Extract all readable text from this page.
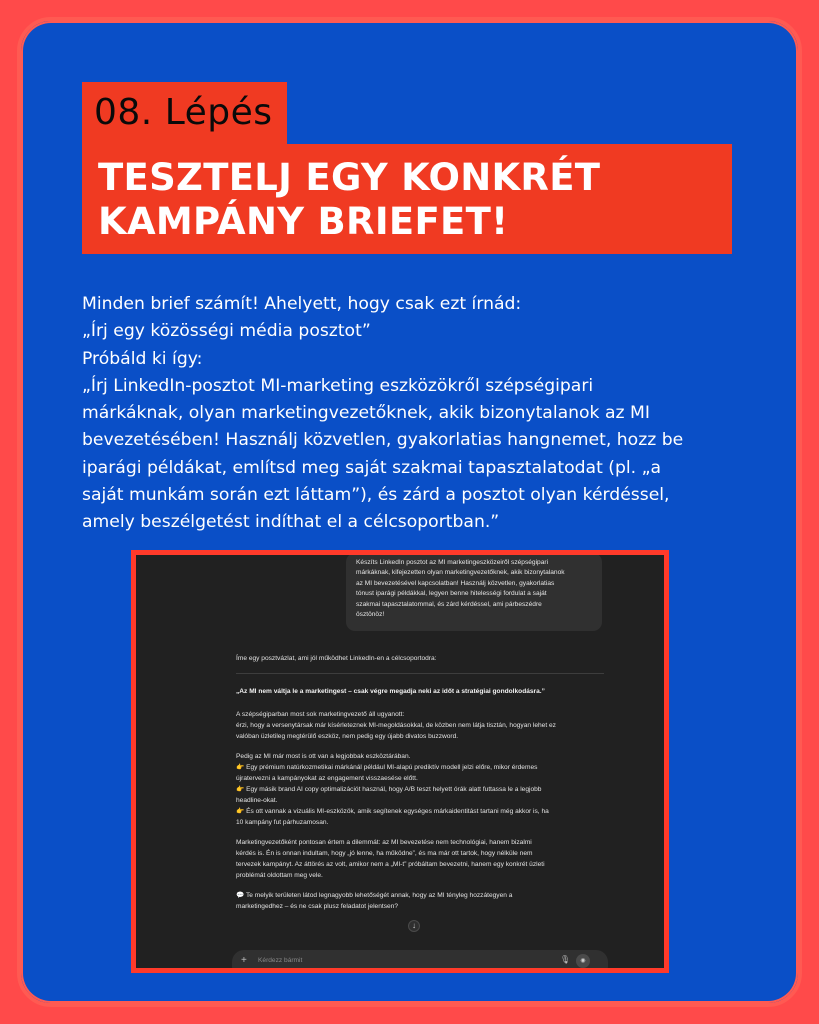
08. Lépés
TESZTELJ EGY KONKRÉT
KAMPÁNY BRIEFET!
Minden brief számít! Ahelyett, hogy csak ezt írnád:
„Írj egy közösségi média posztot”
Próbáld ki így:
„Írj LinkedIn-posztot MI-marketing eszközökről szépségipari
márkáknak, olyan marketingvezetőknek, akik bizonytalanok az MI
bevezetésében! Használj közvetlen, gyakorlatias hangnemet, hozz be
iparági példákat, említsd meg saját szakmai tapasztalatodat (pl. „a
saját munkám során ezt láttam”), és zárd a posztot olyan kérdéssel,
amely beszélgetést indíthat el a célcsoportban.”
Készíts LinkedIn posztot az MI marketingeszközeiről szépségipari
márkáknak, kifejezetten olyan marketingvezetőknek, akik bizonytalanok
az MI bevezetésével kapcsolatban! Használj közvetlen, gyakorlatias
tónust iparági példákkal, legyen benne hitelességi fordulat a saját
szakmai tapasztalatommal, és zárd kérdéssel, ami párbeszédre
ösztönöz!

Íme egy posztvázlat, ami jól működhet LinkedIn-en a célcsoportodra:

„Az MI nem váltja le a marketingest – csak végre megadja neki az időt a stratégiai gondolkodásra.”

A szépségiparban most sok marketingvezető áll ugyanott:
érzi, hogy a versenytársak már kísérleteznek MI-megoldásokkal, de közben nem látja tisztán, hogyan lehet ez
valóban üzletileg megtérülő eszköz, nem pedig egy újabb divatos buzzword.

Pedig az MI már most is ott van a legjobbak eszköztárában.
👉 Egy prémium natúrkozmetikai márkánál például MI-alapú prediktív modell jelzi előre, mikor érdemes
újratervezni a kampányokat az engagement visszaesése előtt.
👉 Egy másik brand AI copy optimalizációt használ, hogy A/B teszt helyett órák alatt futtassa le a legjobb
headline-okat.
👉 És ott vannak a vizuális MI-eszközök, amik segítenek egységes márkaidentitást tartani még akkor is, ha
10 kampány fut párhuzamosan.

Marketingvezetőként pontosan értem a dilemmát: az MI bevezetése nem technológiai, hanem bizalmi
kérdés is. Én is onnan indultam, hogy „jó lenne, ha működne”, és ma már ott tartok, hogy nélküle nem
tervezek kampányt. Az áttörés az volt, amikor nem a „MI-t” próbáltam bevezetni, hanem egy konkrét üzleti
problémát oldottam meg vele.

💬 Te melyik területen látod legnagyobb lehetőségét annak, hogy az MI tényleg hozzátegyen a
marketingedhez – és ne csak plusz feladatot jelentsen?

↓
+ Kérdezz bármit	🎙	◉
